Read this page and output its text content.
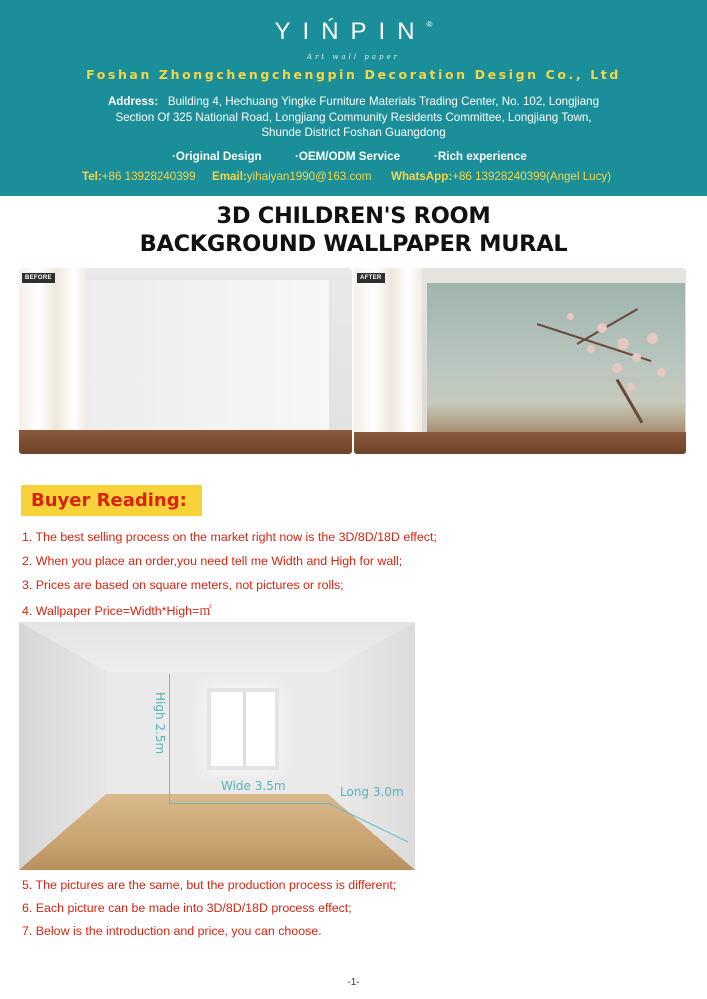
YIŃPIN®
Art wall paper
Foshan Zhongchengchengpin Decoration Design Co., Ltd
Address: Building 4, Hechuang Yingke Furniture Materials Trading Center, No. 102, Longjiang
Section Of 325 National Road, Longjiang Community Residents Committee, Longjiang Town,
Shunde District Foshan Guangdong
·Original Design	·OEM/ODM Service	·Rich experience
Tel:+86 13928240399 Email:yihaiyan1990@163.com WhatsApp:+86 13928240399(Angel Lucy)
3D CHILDREN'S ROOM
BACKGROUND WALLPAPER MURAL
BEFORE	AFTER
Buyer Reading:
1. The best selling process on the market right now is the 3D/8D/18D effect;
2. When you place an order,you need tell me Width and High for wall;
3. Prices are based on square meters, not pictures or rolls;
4. Wallpaper Price=Width*High=㎡
High 2.5m
Wide 3.5m	Long 3.0m
5. The pictures are the same, but the production process is different;
6. Each picture can be made into 3D/8D/18D process effect;
7. Below is the introduction and price, you can choose.
-1-
